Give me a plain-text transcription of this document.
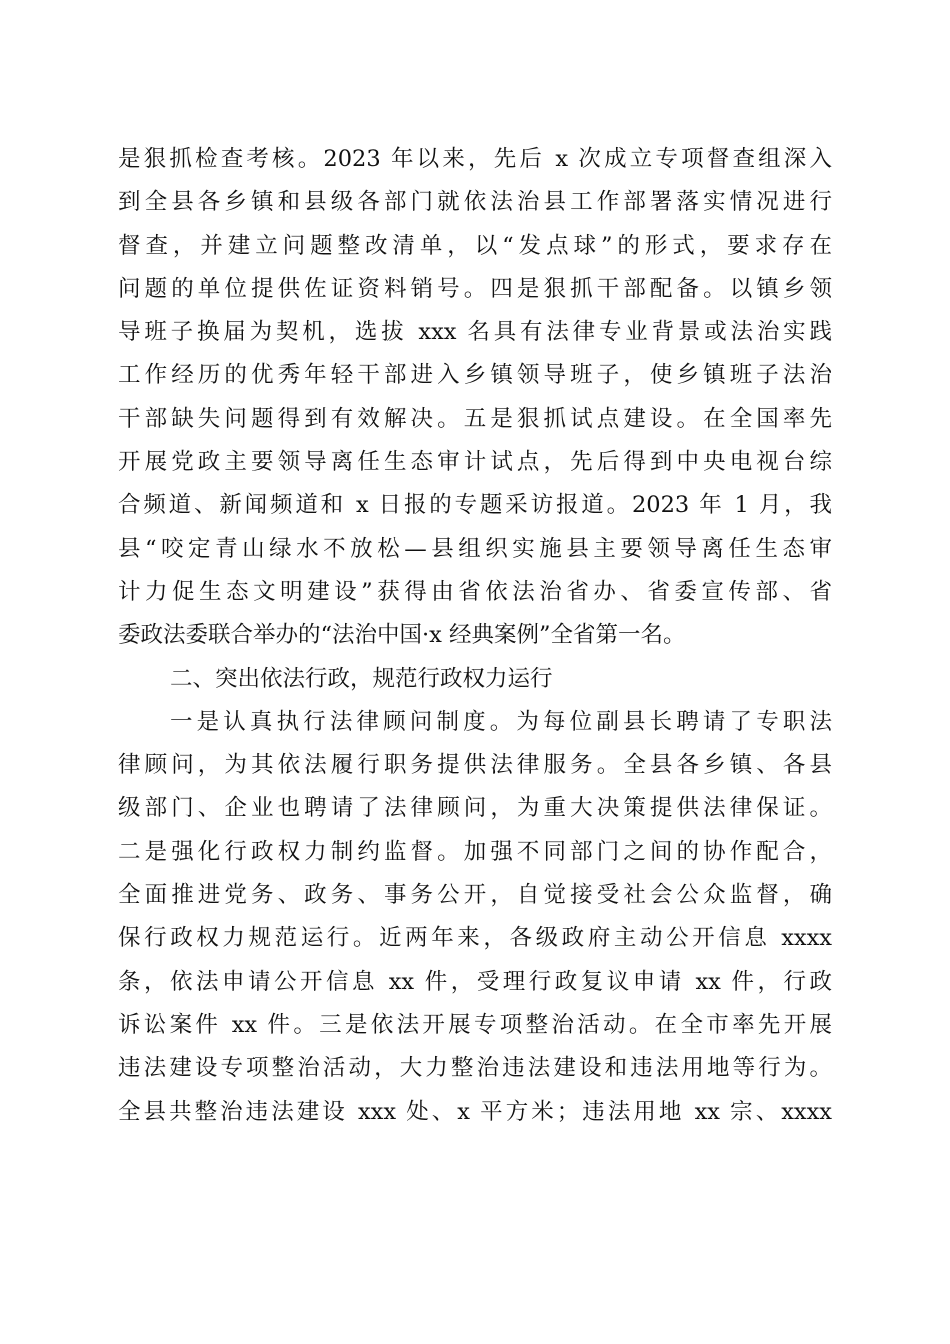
是狠抓检查考核。2023 年以来，先后 x 次成立专项督查组深入
到全县各乡镇和县级各部门就依法治县工作部署落实情况进行
督查，并建立问题整改清单，以“发点球”的形式，要求存在
问题的单位提供佐证资料销号。四是狠抓干部配备。以镇乡领
导班子换届为契机，选拔 xxx 名具有法律专业背景或法治实践
工作经历的优秀年轻干部进入乡镇领导班子，使乡镇班子法治
干部缺失问题得到有效解决。五是狠抓试点建设。在全国率先
开展党政主要领导离任生态审计试点，先后得到中央电视台综
合频道、新闻频道和 x 日报的专题采访报道。2023 年 1 月，我
县“咬定青山绿水不放松—县组织实施县主要领导离任生态审
计力促生态文明建设”获得由省依法治省办、省委宣传部、省
委政法委联合举办的“法治中国·x 经典案例”全省第一名。
二、突出依法行政，规范行政权力运行
一是认真执行法律顾问制度。为每位副县长聘请了专职法
律顾问，为其依法履行职务提供法律服务。全县各乡镇、各县
级部门、企业也聘请了法律顾问，为重大决策提供法律保证。
二是强化行政权力制约监督。加强不同部门之间的协作配合，
全面推进党务、政务、事务公开，自觉接受社会公众监督，确
保行政权力规范运行。近两年来，各级政府主动公开信息 xxxx
条，依法申请公开信息 xx 件，受理行政复议申请 xx 件，行政
诉讼案件 xx 件。三是依法开展专项整治活动。在全市率先开展
违法建设专项整治活动，大力整治违法建设和违法用地等行为。
全县共整治违法建设 xxx 处、x 平方米；违法用地 xx 宗、xxxx
